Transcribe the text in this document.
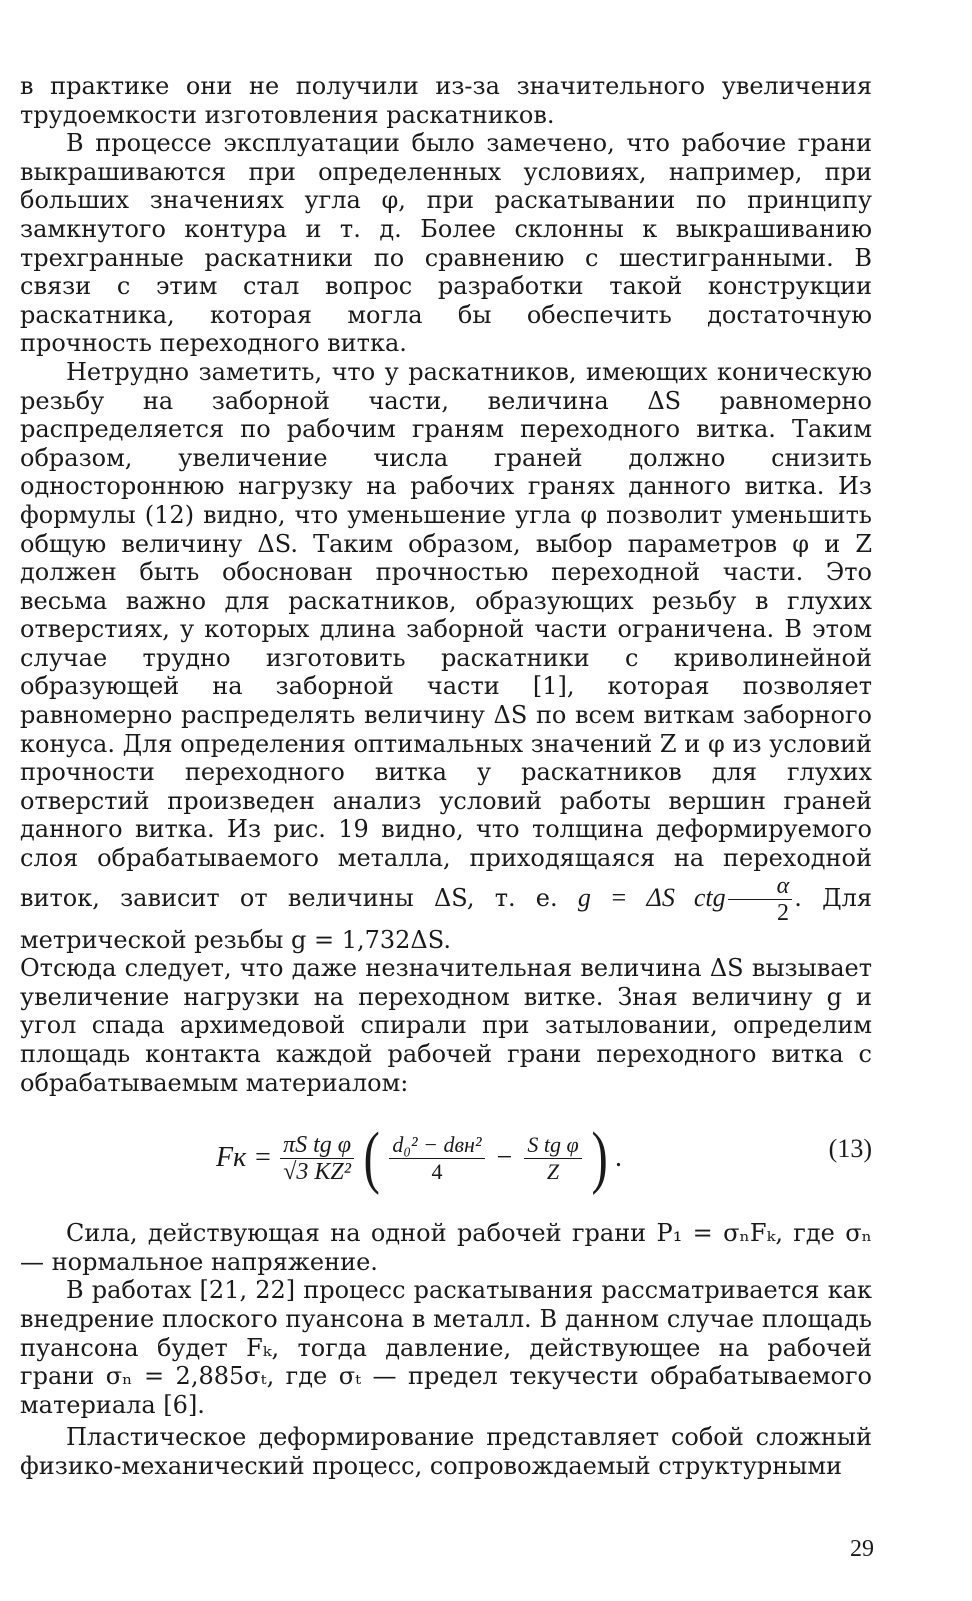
в практике они не получили из-за значительного увеличения трудоемкости изготовления раскатников.

В процессе эксплуатации было замечено, что рабочие грани выкрашиваются при определенных условиях, например, при больших значениях угла φ, при раскатывании по принципу замкнутого контура и т. д. Более склонны к выкрашиванию трехгранные раскатники по сравнению с шестигранными. В связи с этим стал вопрос разработки такой конструкции раскатника, которая могла бы обеспечить достаточную прочность переходного витка.

Нетрудно заметить, что у раскатников, имеющих коническую резьбу на заборной части, величина ΔS равномерно распределяется по рабочим граням переходного витка. Таким образом, увеличение числа граней должно снизить одностороннюю нагрузку на рабочих гранях данного витка. Из формулы (12) видно, что уменьшение угла φ позволит уменьшить общую величину ΔS. Таким образом, выбор параметров φ и Z должен быть обоснован прочностью переходной части. Это весьма важно для раскатников, образующих резьбу в глухих отверстиях, у которых длина заборной части ограничена. В этом случае трудно изготовить раскатники с криволинейной образующей на заборной части [1], которая позволяет равномерно распределять величину ΔS по всем виткам заборного конуса. Для определения оптимальных значений Z и φ из условий прочности переходного витка у раскатников для глухих отверстий произведен анализ условий работы вершин граней данного витка. Из рис. 19 видно, что толщина деформируемого слоя обрабатываемого металла, приходящаяся на переходной виток, зависит от величины ΔS, т. е. g = ΔS ctg $\frac{\alpha}{2}$ . Для метрической резьбы g = 1,732ΔS.

Отсюда следует, что даже незначительная величина ΔS вызывает увеличение нагрузки на переходном витке. Зная величину g и угол спада архимедовой спирали при затыловании, определим площадь контакта каждой рабочей грани переходного витка с обрабатываемым материалом:

Fк = $\frac{\text{πS tg φ}}{\text{√3 KZ²}}$ ( $\frac{\text{d₀² − dвн²}}{4} - \frac{\text{S tg φ}}{Z}$ ) .	(13)

Сила, действующая на одной рабочей грани P₁ = σₙFₖ, где σₙ — нормальное напряжение.

В работах [21, 22] процесс раскатывания рассматривается как внедрение плоского пуансона в металл. В данном случае площадь пуансона будет Fₖ, тогда давление, действующее на рабочей грани σₙ = 2,885σₜ, где σₜ — предел текучести обрабатываемого материала [6].

Пластическое деформирование представляет собой сложный физико-механический процесс, сопровождаемый структурными

29
